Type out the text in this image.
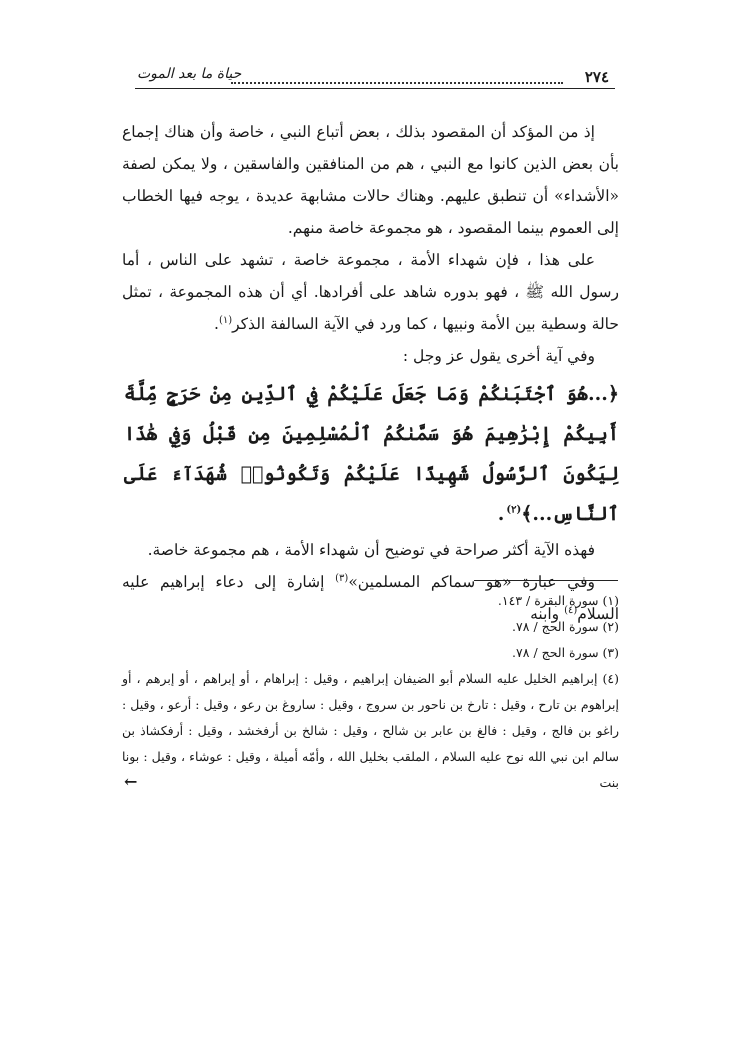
٢٧٤
حياة ما بعد الموت

إذ من المؤكد أن المقصود بذلك ، بعض أتباع النبي ، خاصة وأن هناك إجماع بأن بعض الذين كانوا مع النبي ، هم من المنافقين والفاسقين ، ولا يمكن لصفة «الأشداء» أن تنطبق عليهم. وهناك حالات مشابهة عديدة ، يوجه فيها الخطاب إلى العموم بينما المقصود ، هو مجموعة خاصة منهم.

على هذا ، فإن شهداء الأمة ، مجموعة خاصة ، تشهد على الناس ، أما رسول الله ﷺ ، فهو بدوره شاهد على أفرادها. أي أن هذه المجموعة ، تمثل حالة وسطية بين الأمة ونبيها ، كما ورد في الآية السالفة الذكر$^{(١)}$.

وفي آية أخرى يقول عز وجل :

﴿...هُوَ ٱجْتَبَىٰكُمْ وَمَا جَعَلَ عَلَيْكُمْ فِي ٱلدِّينِ مِنْ حَرَجٍ مِّلَّةَ أَبِيكُمْ إِبْرَٰهِيمَ هُوَ سَمَّىٰكُمُ ٱلْمُسْلِمِينَ مِن قَبْلُ وَفِي هَٰذَا لِيَكُونَ ٱلرَّسُولُ شَهِيدًا عَلَيْكُمْ وَتَكُونُوا۟ شُهَدَآءَ عَلَى ٱلنَّاسِ...﴾$^{(٢)}$.

فهذه الآية أكثر صراحة في توضيح أن شهداء الأمة ، هم مجموعة خاصة.

وفي عبارة «هو سماكم المسلمين»$^{(٣)}$ إشارة إلى دعاء إبراهيم عليه السلام$^{(٤)}$ وابنه

(١) سورة البقرة / ١٤٣.

(٢) سورة الحج / ٧٨.

(٣) سورة الحج / ٧٨.

(٤) إبراهيم الخليل عليه السلام أبو الضيفان إبراهيم ، وقيل : إبراهام ، أو إبراهم ، أو إبرهم ، أو إبراهوم بن تارح ، وقيل : تارخ بن ناحور بن سروج ، وقيل : ساروغ بن رعو ، وقيل : أرعو ، وقيل : راغو بن فالج ، وقيل : فالغ بن عابر بن شالح ، وقيل : شالخ بن أرفخشد ، وقيل : أرفكشاذ بن سالم ابن نبي الله نوح عليه السلام ، الملقب بخليل الله ، وأمّه أميلة ، وقيل : عوشاء ، وقيل : بونا بنت

←
